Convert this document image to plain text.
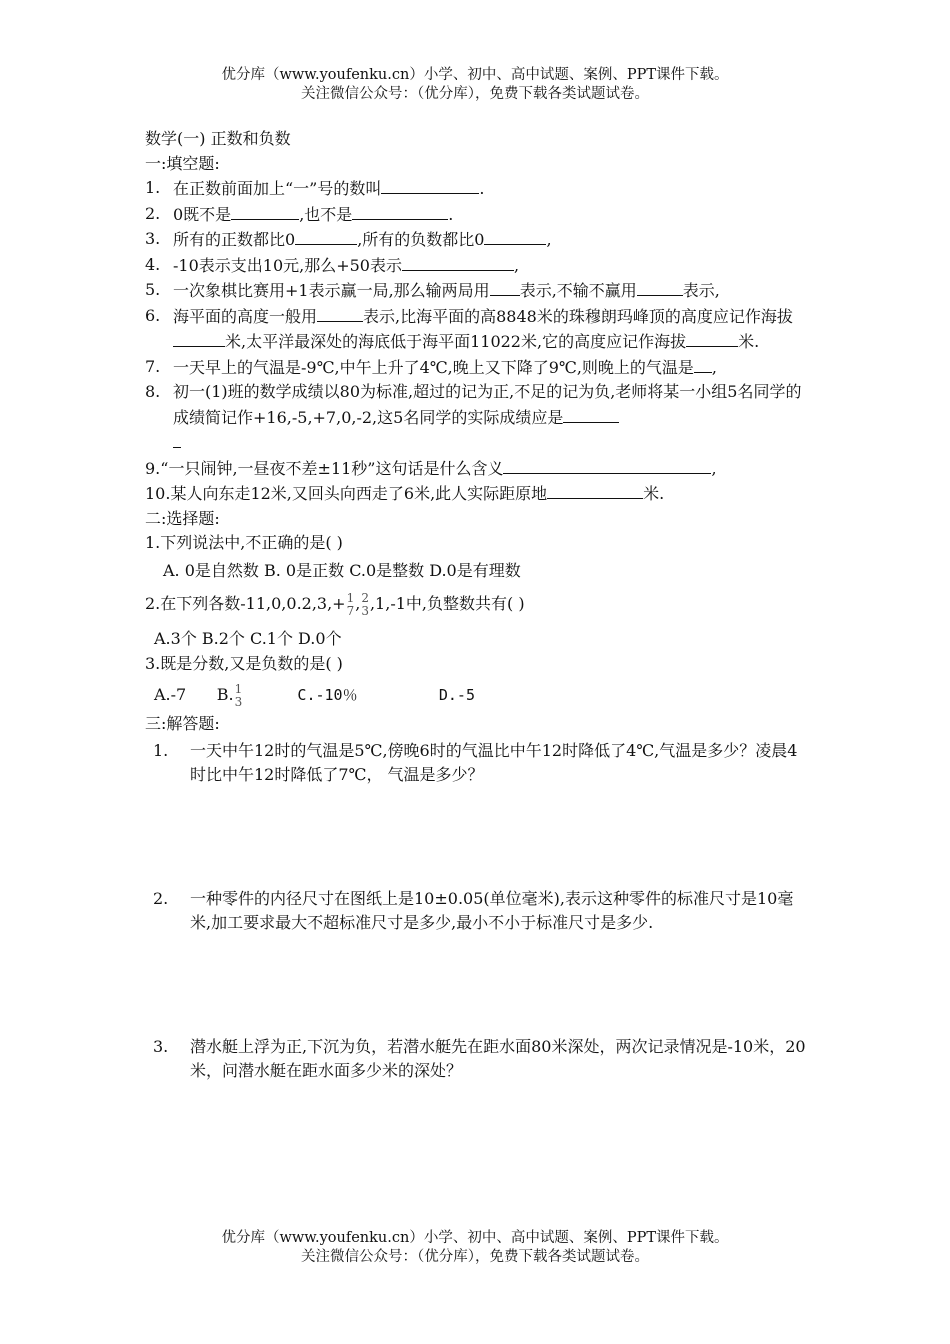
优分库（www.youfenku.cn）小学、初中、高中试题、案例、PPT课件下载。
关注微信公众号：（优分库），免费下载各类试题试卷。
数学(一) 正数和负数
一:填空题:
1. 在正数前面加上“一”号的数叫	.
2. 0既不是	,也不是	.
3. 所有的正数都比0	,所有的负数都比0	,
4. -10表示支出10元,那么+50表示	,
5. 一次象棋比赛用+1表示赢一局,那么输两局用 表示,不输不赢用	表示,
6. 海平面的高度一般用	表示,比海平面的高8848米的珠穆朗玛峰顶的高度应记作海拔米,太平洋最深处的海底低于海平面11022米,它的高度应记作海拔	米.
7. 一天早上的气温是-9℃,中午上升了4℃,晚上又下降了9℃,则晚上的气温是 ,
8. 初一(1)班的数学成绩以80为标准,超过的记为正,不足的记为负,老师将某一小组5名同学的成绩简记作+16,-5,+7,0,-2,这5名同学的实际成绩应是

9.“一只闹钟,一昼夜不差±11秒”这句话是什么含义	,
10.某人向东走12米,又回头向西走了6米,此人实际距原地	米.
二:选择题:
1.下列说法中,不正确的是( )
A. 0是自然数 B. 0是正数 C.0是整数 D.0是有理数
2.在下列各数-11,0,0.2,3,+ 1
7 , 2
3 ,1,-1中,负整数共有( )
A.3个 B.2个 C.1个 D.0个
3.既是分数,又是负数的是( )
A.-7      B. 1
3 C.-10％         D.-5
三:解答题:
1.	一天中午12时的气温是5℃,傍晚6时的气温比中午12时降低了4℃,气温是多少？凌晨4时比中午12时降低了7℃， 气温是多少？
2.	一种零件的内径尺寸在图纸上是10±0.05(单位毫米),表示这种零件的标准尺寸是10毫米,加工要求最大不超标准尺寸是多少,最小不小于标准尺寸是多少.
3.	潜水艇上浮为正,下沉为负，若潜水艇先在距水面80米深处，两次记录情况是-10米，20米，问潜水艇在距水面多少米的深处？
优分库（www.youfenku.cn）小学、初中、高中试题、案例、PPT课件下载。
关注微信公众号：（优分库），免费下载各类试题试卷。
